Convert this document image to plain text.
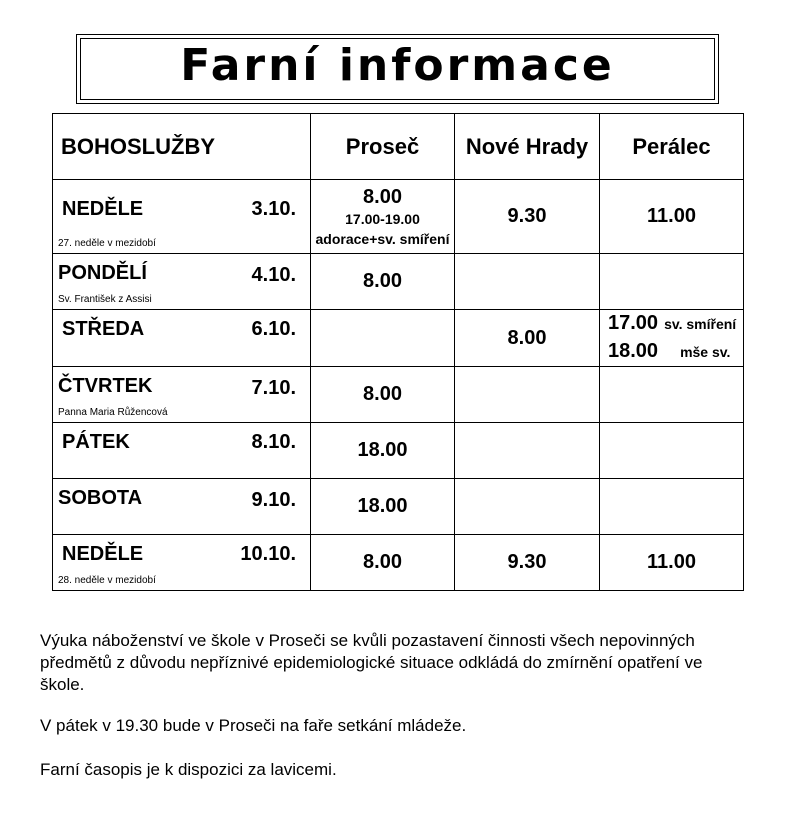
Farní informace
BOHOSLUŽBY	Proseč	Nové Hrady	Perálec

NEDĚLE 3.10.
27. neděle v mezidobí	8.00
17.00-19.00
adorace+sv. smíření	9.30	11.00

PONDĚLÍ 4.10.
Sv. František z Assisi	8.00		

STŘEDA 6.10.		8.00	17.00 sv. smíření
18.00 mše sv.

ČTVRTEK 7.10.
Panna Maria Růžencová	8.00		

PÁTEK 8.10.	18.00		

SOBOTA 9.10.	18.00		

NEDĚLE 10.10.
28. neděle v mezidobí	8.00	9.30	11.00

Výuka náboženství ve škole v Proseči se kvůli pozastavení činnosti všech nepovinných předmětů z důvodu nepříznivé epidemiologické situace odkládá do zmírnění opatření ve škole.

V pátek v 19.30 bude v Proseči na faře setkání mládeže.

Farní časopis je k dispozici za lavicemi.
